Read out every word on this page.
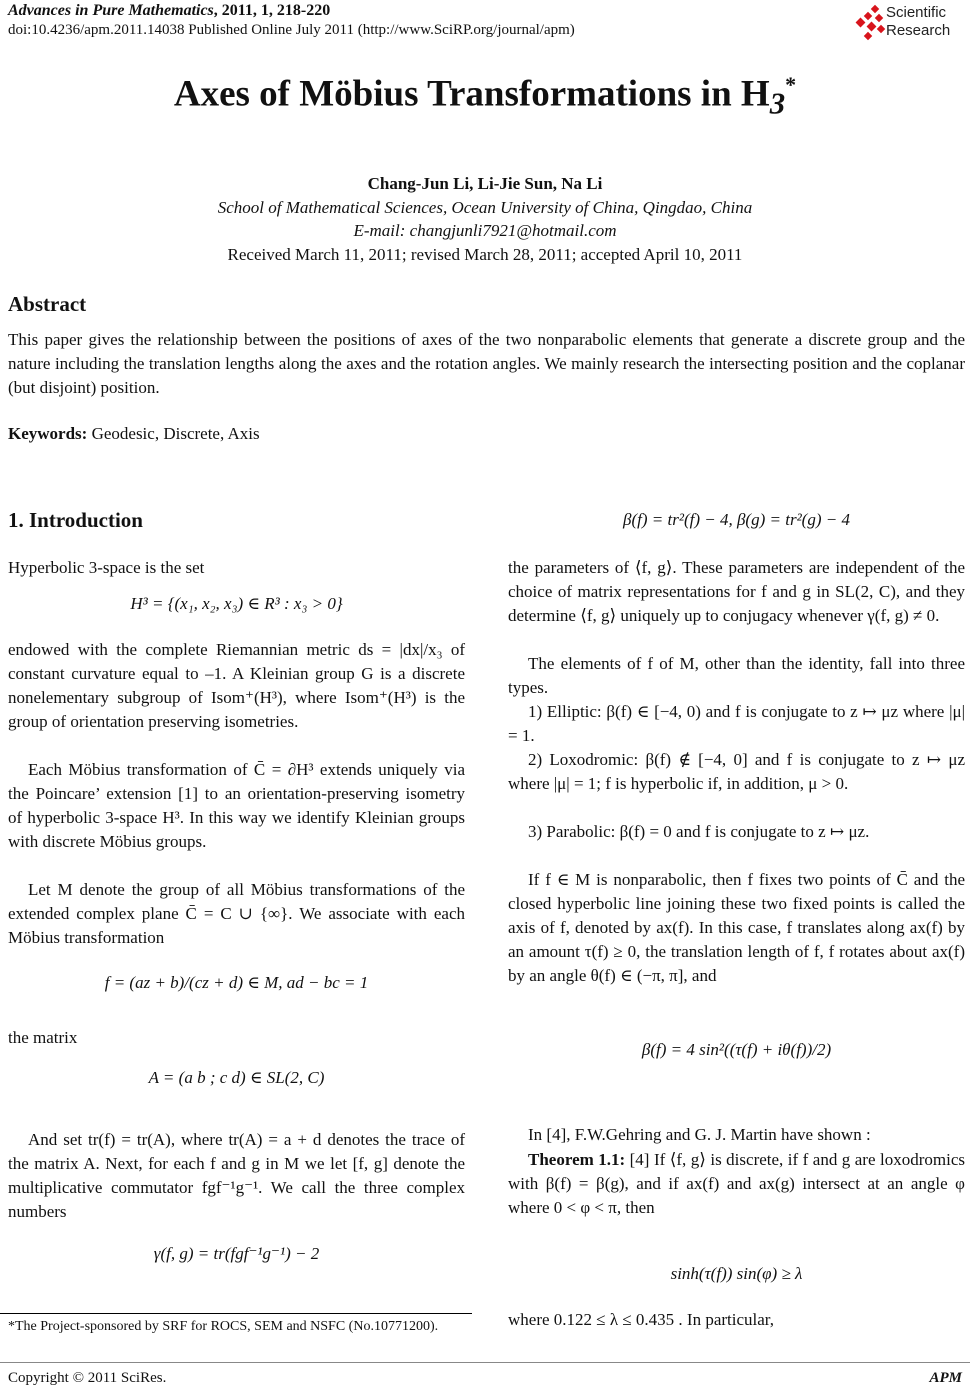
Advances in Pure Mathematics, 2011, 1, 218-220
doi:10.4236/apm.2011.14038 Published Online July 2011 (http://www.SciRP.org/journal/apm)
Scientific
Research
Axes of Möbius Transformations in $H_3^*$
Chang-Jun Li, Li-Jie Sun, Na Li
School of Mathematical Sciences, Ocean University of China, Qingdao, China
E-mail: changjunli7921@hotmail.com
Received March 11, 2011; revised March 28, 2011; accepted April 10, 2011
Abstract
This paper gives the relationship between the positions of axes of the two nonparabolic elements that generate a discrete group and the nature including the translation lengths along the axes and the rotation angles. We mainly research the intersecting position and the coplanar (but disjoint) position.
Keywords: Geodesic, Discrete, Axis
1. Introduction
Hyperbolic 3-space is the set
H³ = {(x₁, x₂, x₃) ∈ R³ : x₃ > 0}
endowed with the complete Riemannian metric ds = |dx|/x₃ of constant curvature equal to –1. A Kleinian group G is a discrete nonelementary subgroup of Isom⁺(H³), where Isom⁺(H³) is the group of orientation preserving isometries.
Each Möbius transformation of C̄ = ∂H³ extends uniquely via the Poincare’ extension [1] to an orientation-preserving isometry of hyperbolic 3-space H³. In this way we identify Kleinian groups with discrete Möbius groups.
Let M denote the group of all Möbius transformations of the extended complex plane C̄ = C ∪ {∞}. We associate with each Möbius transformation
f = (az + b)/(cz + d) ∈ M, ad − bc = 1
the matrix
A = (a b ; c d) ∈ SL(2, C)
And set tr(f) = tr(A), where tr(A) = a + d denotes the trace of the matrix A. Next, for each f and g in M we let [f, g] denote the multiplicative commutator fgf⁻¹g⁻¹. We call the three complex numbers
γ(f, g) = tr(fgf⁻¹g⁻¹) − 2
*The Project-sponsored by SRF for ROCS, SEM and NSFC (No.10771200).
β(f) = tr²(f) − 4, β(g) = tr²(g) − 4
the parameters of ⟨f, g⟩. These parameters are independent of the choice of matrix representations for f and g in SL(2, C), and they determine ⟨f, g⟩ uniquely up to conjugacy whenever γ(f, g) ≠ 0.
The elements of f of M, other than the identity, fall into three types.
1) Elliptic: β(f) ∈ [−4, 0) and f is conjugate to z ↦ μz where |μ| = 1.
2) Loxodromic: β(f) ∉ [−4, 0] and f is conjugate to z ↦ μz where |μ| = 1; f is hyperbolic if, in addition, μ > 0.
3) Parabolic: β(f) = 0 and f is conjugate to z ↦ μz.
If f ∈ M is nonparabolic, then f fixes two points of C̄ and the closed hyperbolic line joining these two fixed points is called the axis of f, denoted by ax(f). In this case, f translates along ax(f) by an amount τ(f) ≥ 0, the translation length of f, f rotates about ax(f) by an angle θ(f) ∈ (−π, π], and
β(f) = 4 sin²((τ(f) + iθ(f))/2)
In [4], F.W.Gehring and G. J. Martin have shown :
Theorem 1.1: [4] If ⟨f, g⟩ is discrete, if f and g are loxodromics with β(f) = β(g), and if ax(f) and ax(g) intersect at an angle φ where 0 < φ < π, then
sinh(τ(f)) sin(φ) ≥ λ
where 0.122 ≤ λ ≤ 0.435 . In particular,
Copyright © 2011 SciRes.	APM
